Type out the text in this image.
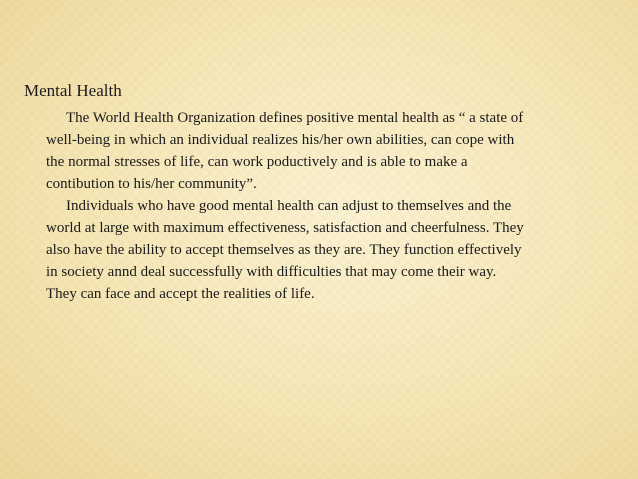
Mental Health

The World Health Organization defines positive mental health as “ a state of
well-being in which an individual realizes his/her own abilities, can cope with
the normal stresses of life, can work poductively and is able to make a
contibution to his/her community”.

Individuals who have good mental health can adjust to themselves and the
world at large with maximum effectiveness, satisfaction and cheerfulness. They
also have the ability to accept themselves as they are. They function effectively
in society annd deal successfully with difficulties that may come their way.
They can face and accept the realities of life.
